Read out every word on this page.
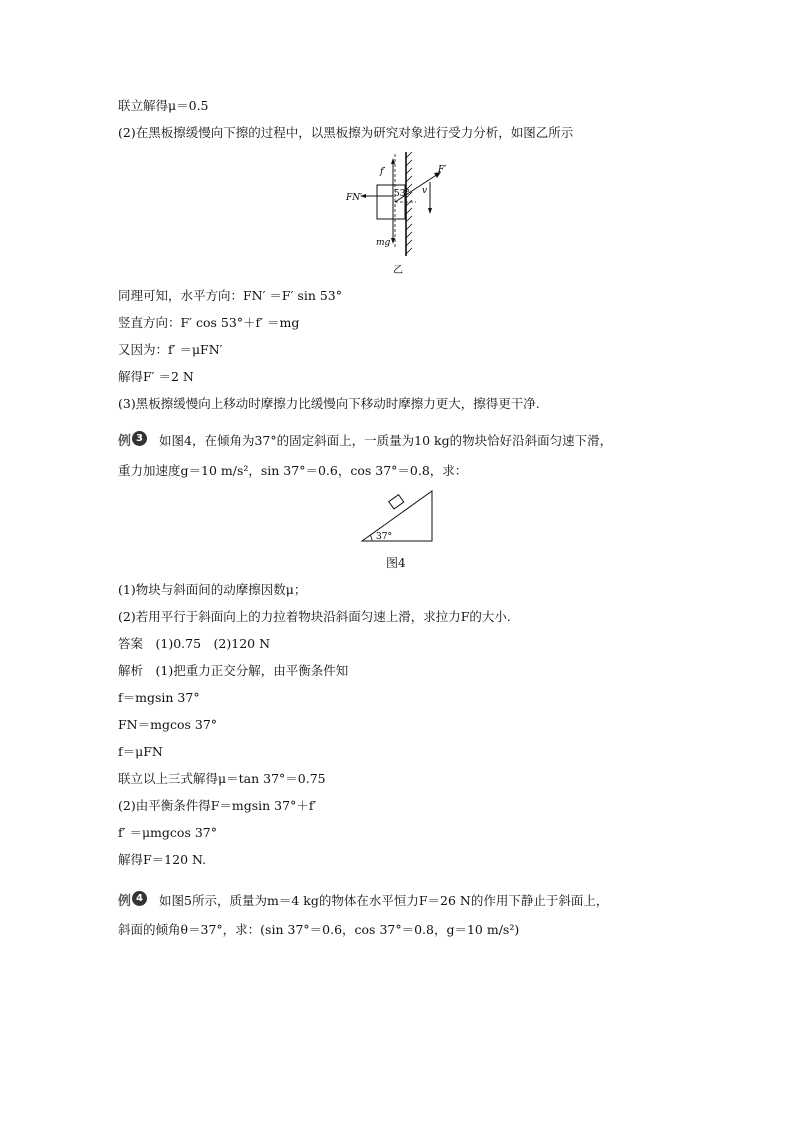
联立解得μ＝0.5
(2)在黑板擦缓慢向下擦的过程中，以黑板擦为研究对象进行受力分析，如图乙所示
f′
FN′	53° v
F′
mg
乙
同理可知，水平方向：FN′ ＝F′ sin 53°
竖直方向：F′ cos 53°＋f′ ＝mg
又因为：f′ ＝μFN′
解得F′ ＝2 N
(3)黑板擦缓慢向上移动时摩擦力比缓慢向下移动时摩擦力更大，擦得更干净.
例 3	如图4，在倾角为37°的固定斜面上，一质量为10 kg的物块恰好沿斜面匀速下滑，
重力加速度g＝10 m/s²，sin 37°＝0.6，cos 37°＝0.8，求：
37°
图4
(1)物块与斜面间的动摩擦因数μ；
(2)若用平行于斜面向上的力拉着物块沿斜面匀速上滑，求拉力F的大小.
答案　(1)0.75　(2)120 N
解析　(1)把重力正交分解，由平衡条件知
f＝mgsin 37°
FN＝mgcos 37°
f＝μFN
联立以上三式解得μ＝tan 37°＝0.75
(2)由平衡条件得F＝mgsin 37°＋f′
f′ ＝μmgcos 37°
解得F＝120 N.
例 4	如图5所示，质量为m＝4 kg的物体在水平恒力F＝26 N的作用下静止于斜面上，
斜面的倾角θ＝37°，求：(sin 37°＝0.6，cos 37°＝0.8，g＝10 m/s²)
